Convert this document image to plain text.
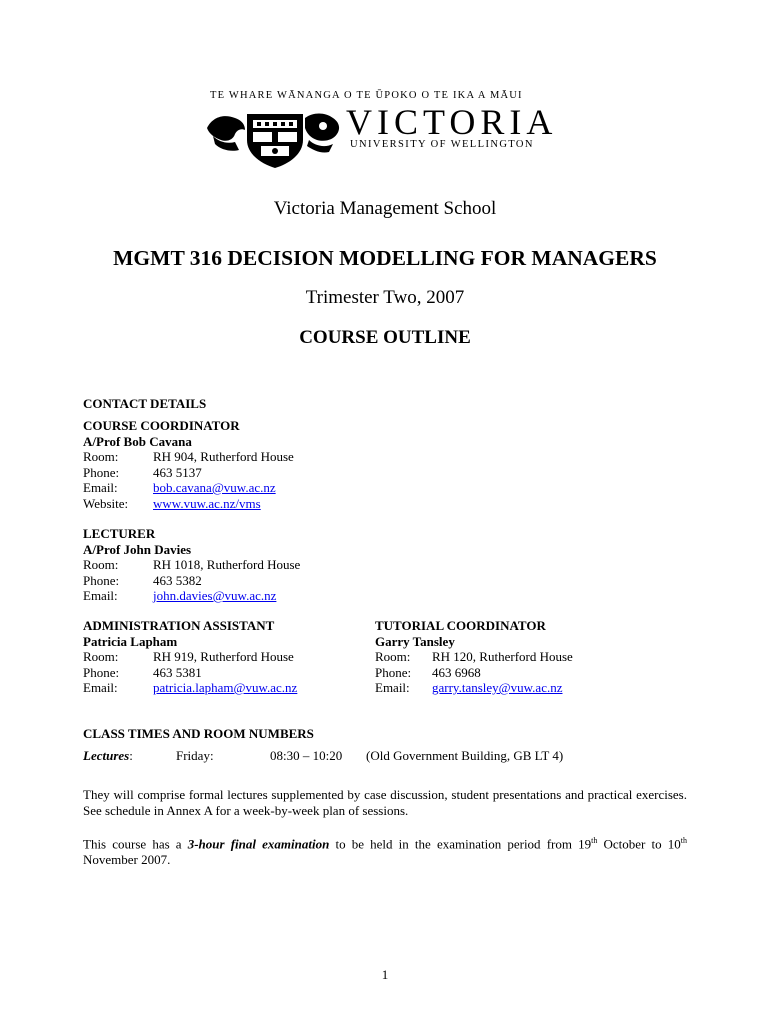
TE WHARE WĀNANGA O TE ŪPOKO O TE IKA A MĀUI
VICTORIA
UNIVERSITY OF WELLINGTON
Victoria Management School
MGMT 316 DECISION MODELLING FOR MANAGERS
Trimester Two, 2007
COURSE OUTLINE
CONTACT DETAILS
COURSE COORDINATOR
A/Prof Bob Cavana
Room:	RH 904, Rutherford House
Phone:	463 5137
Email:	bob.cavana@vuw.ac.nz
Website:	www.vuw.ac.nz/vms
LECTURER
A/Prof John Davies
Room:	RH 1018, Rutherford House
Phone:	463 5382
Email:	john.davies@vuw.ac.nz
ADMINISTRATION ASSISTANT
Patricia Lapham
Room:	RH 919, Rutherford House
Phone:	463 5381
Email:	patricia.lapham@vuw.ac.nz
TUTORIAL COORDINATOR
Garry Tansley
Room:	RH 120, Rutherford House
Phone:	463 6968
Email:	garry.tansley@vuw.ac.nz
CLASS TIMES AND ROOM NUMBERS
Lectures:	Friday:	08:30 – 10:20 (Old Government Building, GB LT 4)
They will comprise formal lectures supplemented by case discussion, student presentations and practical exercises. See schedule in Annex A for a week-by-week plan of sessions.
This course has a 3-hour final examination to be held in the examination period from 19th October to 10th November 2007.
1
